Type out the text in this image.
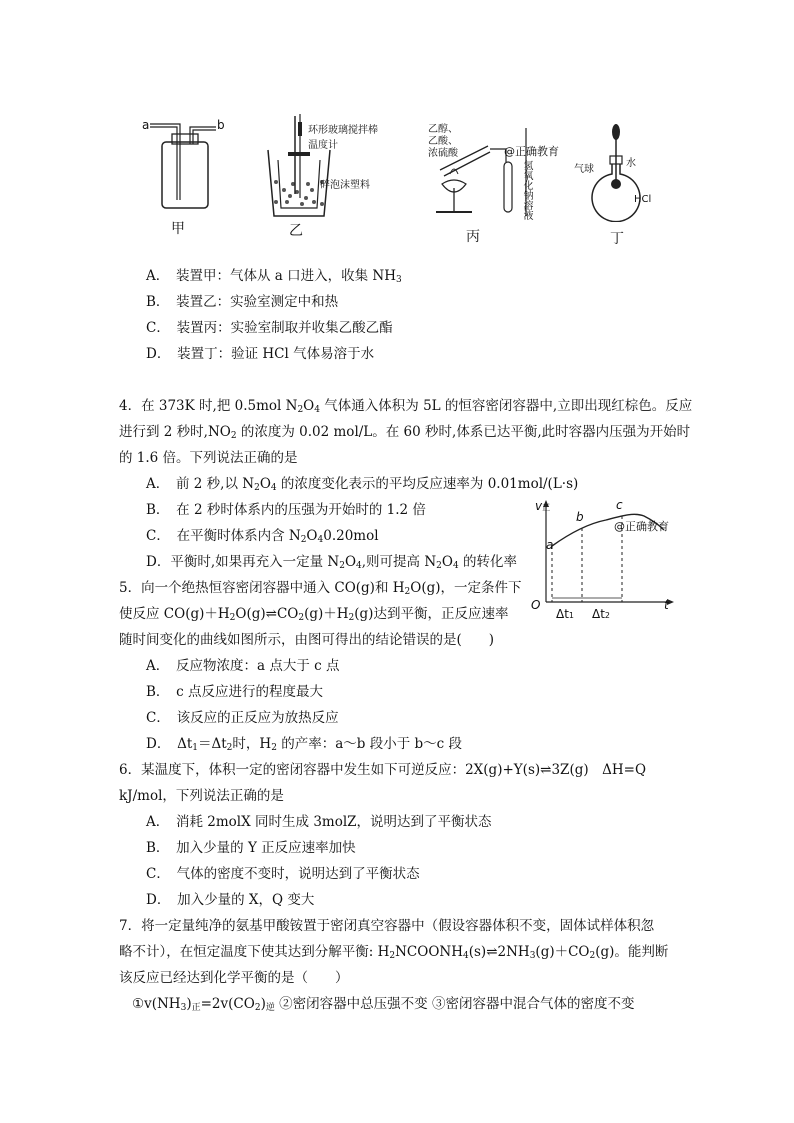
a	b
甲
环形玻璃搅拌棒
温度计
碎泡沫塑料
乙
乙醇、
乙酸、
浓硫酸	@正确教育
氢氧化钠溶液
丙
气球
水
HCl
丁
A．　装置甲：气体从 a 口进入，收集 $NH_3$
B．　装置乙：实验室测定中和热
C．　装置丙：实验室制取并收集乙酸乙酯
D．　装置丁：验证 HCl 气体易溶于水
4．在 373K 时,把 0.5mol $N_2O_4$ 气体通入体积为 5L 的恒容密闭容器中,立即出现红棕色。反应
进行到 2 秒时$,NO_2$ 的浓度为 0.02 mol/L。在 60 秒时,体系已达平衡,此时容器内压强为开始时
的 1.6 倍。下列说法正确的是
A．　前 2 秒,以 $N_2O_4$ 的浓度变化表示的平均反应速率为 0.01mol/(L·s)
B．　在 2 秒时体系内的压强为开始时的 1.2 倍
C．　在平衡时体系内含 $N_2O_40.20mol$
D．平衡时,如果再充入一定量 $N_2O_4$,则可提高 $N_2O_4$ 的转化率
v正
t
O
a
b
c
@正确教育
Δt1 Δt2
5．向一个绝热恒容密闭容器中通入 CO(g)和 $H_2O(g)$，一定条件下
使反应 $CO(g)+H_2O(g)\rightleftharpoons CO_2(g)+H_2(g)$达到平衡，正反应速率
随时间变化的曲线如图所示，由图可得出的结论错误的是(　　)
A．　反应物浓度：a 点大于 c 点
B．　c 点反应进行的程度最大
C．　该反应的正反应为放热反应
D．　$\Delta t_1=\Delta t_2$时，$H_2$ 的产率：a～b 段小于 b～c 段
6．某温度下，体积一定的密闭容器中发生如下可逆反应：2X(g)+Y(s)⇌3Z(g)　ΔH=Q
kJ/mol，下列说法正确的是
A．　消耗 2molX 同时生成 3molZ，说明达到了平衡状态
B．　加入少量的 Y 正反应速率加快
C．　气体的密度不变时，说明达到了平衡状态
D．　加入少量的 X，Q 变大
7．将一定量纯净的氨基甲酸铵置于密闭真空容器中（假设容器体积不变，固体试样体积忽
略不计），在恒定温度下使其达到分解平衡: $H_2NCOONH_4(s)\rightleftharpoons 2NH_3(g)+CO_2(g)$。能判断
该反应已经达到化学平衡的是（　　）
$①v(NH_3)_正=2v(CO_2)_逆$ ②密闭容器中总压强不变 ③密闭容器中混合气体的密度不变
